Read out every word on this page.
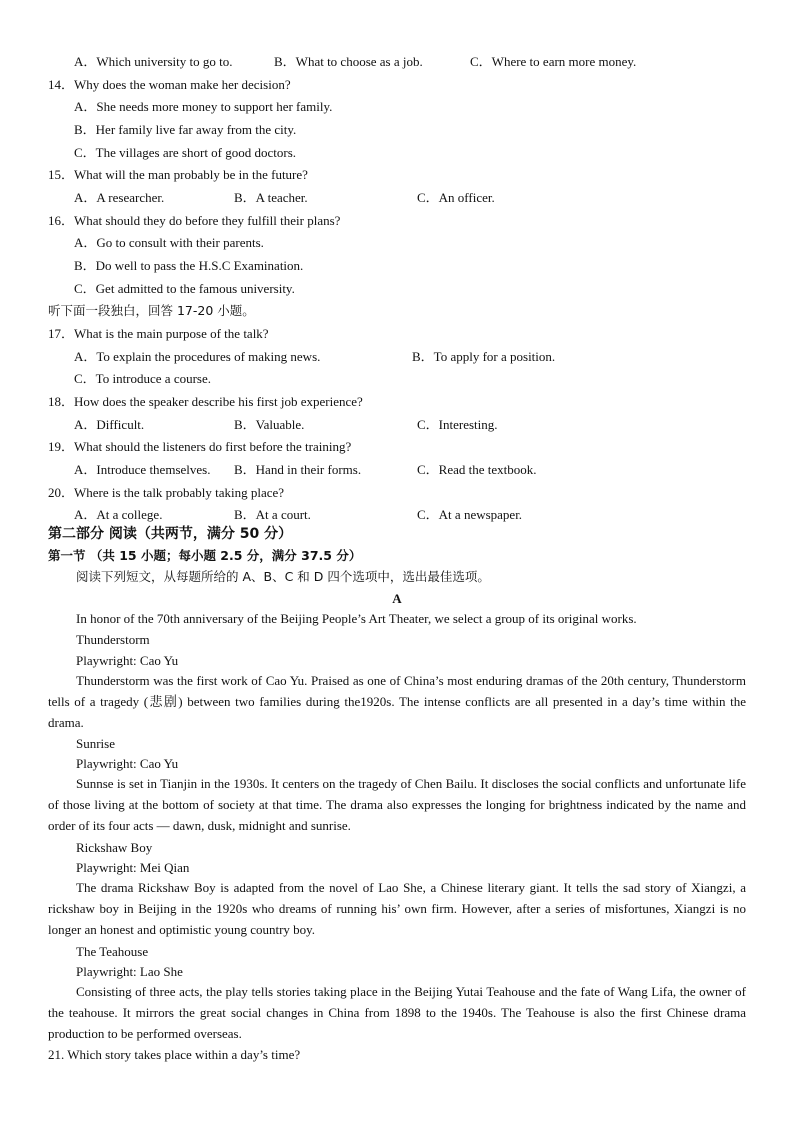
A．Which university to go to.	B．What to choose as a job.	C．Where to earn more money.
14．Why does the woman make her decision?
A．She needs more money to support her family.
B．Her family live far away from the city.
C．The villages are short of good doctors.
15．What will the man probably be in the future?
A．A researcher.	B．A teacher.	C．An officer.
16．What should they do before they fulfill their plans?
A．Go to consult with their parents.
B．Do well to pass the H.S.C Examination.
C．Get admitted to the famous university.
听下面一段独白，回答 17-20 小题。
17．What is the main purpose of the talk?
A．To explain the procedures of making news.	B．To apply for a position.
C．To introduce a course.
18．How does the speaker describe his first job experience?
A．Difficult.	B．Valuable.	C．Interesting.
19．What should the listeners do first before the training?
A．Introduce themselves. B．Hand in their forms.	C．Read the textbook.
20．Where is the talk probably taking place?
A．At a college.	B．At a court.	C．At a newspaper.
第二部分 阅读（共两节，满分 50 分）
第一节 （共 15 小题；每小题 2.5 分，满分 37.5 分）
阅读下列短文，从每题所给的 A、B、C 和 D 四个选项中，选出最佳选项。
A
In honor of the 70th anniversary of the Beijing People’s Art Theater, we select a group of its original works.
Thunderstorm
Playwright: Cao Yu
Thunderstorm was the first work of Cao Yu. Praised as one of China’s most enduring dramas of the 20th century, Thunderstorm tells of a tragedy (悲剧) between two families during the1920s. The intense conflicts are all presented in a day’s time within the drama.
Sunrise
Playwright: Cao Yu
Sunnse is set in Tianjin in the 1930s. It centers on the tragedy of Chen Bailu. It discloses the social conflicts and unfortunate life of those living at the bottom of society at that time. The drama also expresses the longing for brightness indicated by the name and order of its four acts — dawn, dusk, midnight and sunrise.
Rickshaw Boy
Playwright: Mei Qian
The drama Rickshaw Boy is adapted from the novel of Lao She, a Chinese literary giant. It tells the sad story of Xiangzi, a rickshaw boy in Beijing in the 1920s who dreams of running his’ own firm. However, after a series of misfortunes, Xiangzi is no longer an honest and optimistic young country boy.
The Teahouse
Playwright: Lao She
Consisting of three acts, the play tells stories taking place in the Beijing Yutai Teahouse and the fate of Wang Lifa, the owner of the teahouse. It mirrors the great social changes in China from 1898 to the 1940s. The Teahouse is also the first Chinese drama production to be performed overseas.
21. Which story takes place within a day’s time?
